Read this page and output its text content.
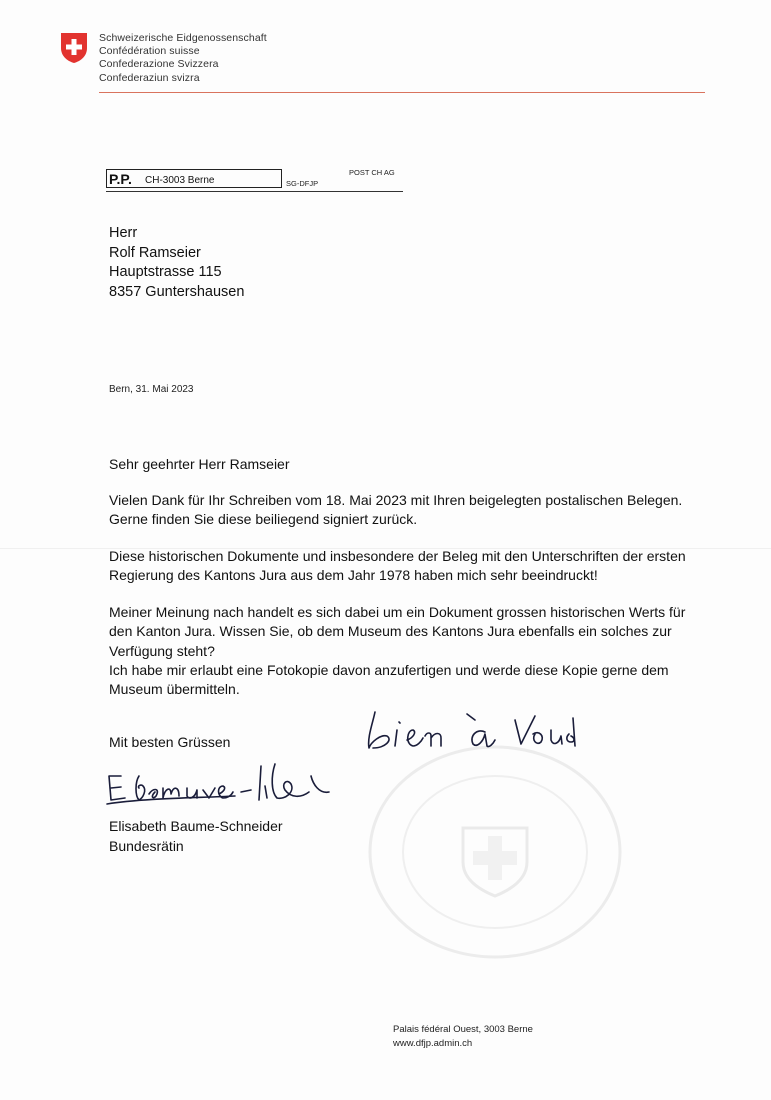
Schweizerische Eidgenossenschaft
Confédération suisse
Confederazione Svizzera
Confederaziun svizra
P.P. CH-3003 Berne	SG-DFJP
POST CH AG
Herr
Rolf Ramseier
Hauptstrasse 115
8357 Guntershausen
Bern, 31. Mai 2023
Sehr geehrter Herr Ramseier
Vielen Dank für Ihr Schreiben vom 18. Mai 2023 mit Ihren beigelegten postalischen Belegen.
Gerne finden Sie diese beiliegend signiert zurück.
Diese historischen Dokumente und insbesondere der Beleg mit den Unterschriften der ersten
Regierung des Kantons Jura aus dem Jahr 1978 haben mich sehr beeindruckt!
Meiner Meinung nach handelt es sich dabei um ein Dokument grossen historischen Werts für
den Kanton Jura. Wissen Sie, ob dem Museum des Kantons Jura ebenfalls ein solches zur
Verfügung steht?
Ich habe mir erlaubt eine Fotokopie davon anzufertigen und werde diese Kopie gerne dem
Museum übermitteln.
Mit besten Grüssen
Elisabeth Baume-Schneider
Bundesrätin
Palais fédéral Ouest, 3003 Berne
www.dfjp.admin.ch
